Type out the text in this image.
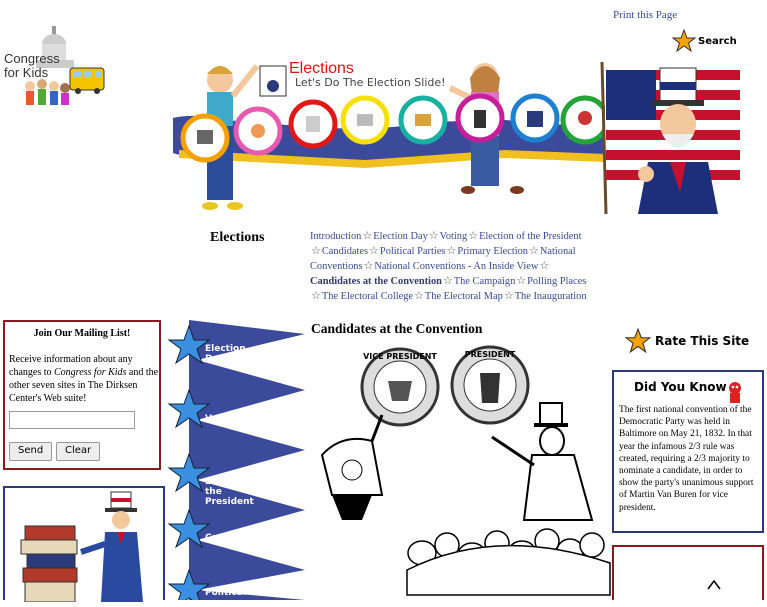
Congress
for Kids
Print this Page
Search
Elections
Let's Do The Election Slide!
Elections	Introduction☆Election Day☆Voting☆Election of the President
☆Candidates☆Political Parties☆Primary Election☆National Conventions☆National Conventions - An Inside View☆
Candidates at the Convention☆The Campaign☆Polling Places
☆The Electoral College☆The Electoral Map☆The Inauguration
Join Our Mailing List!

Receive information about any changes to Congress for Kids and the other seven sites in The Dirksen Center's Web suite!

Send	Clear
Election Day
Voting
Election of the President
Candidates
Political
Candidates at the Convention
VICE PRESIDENT	PRESIDENT
Rate This Site
Did You Know

The first national convention of the Democratic Party was held in Baltimore on May 21, 1832. In that year the infamous 2/3 rule was created, requiring a 2/3 majority to nominate a candidate, in order to show the party's unanimous support of Martin Van Buren for vice president.
